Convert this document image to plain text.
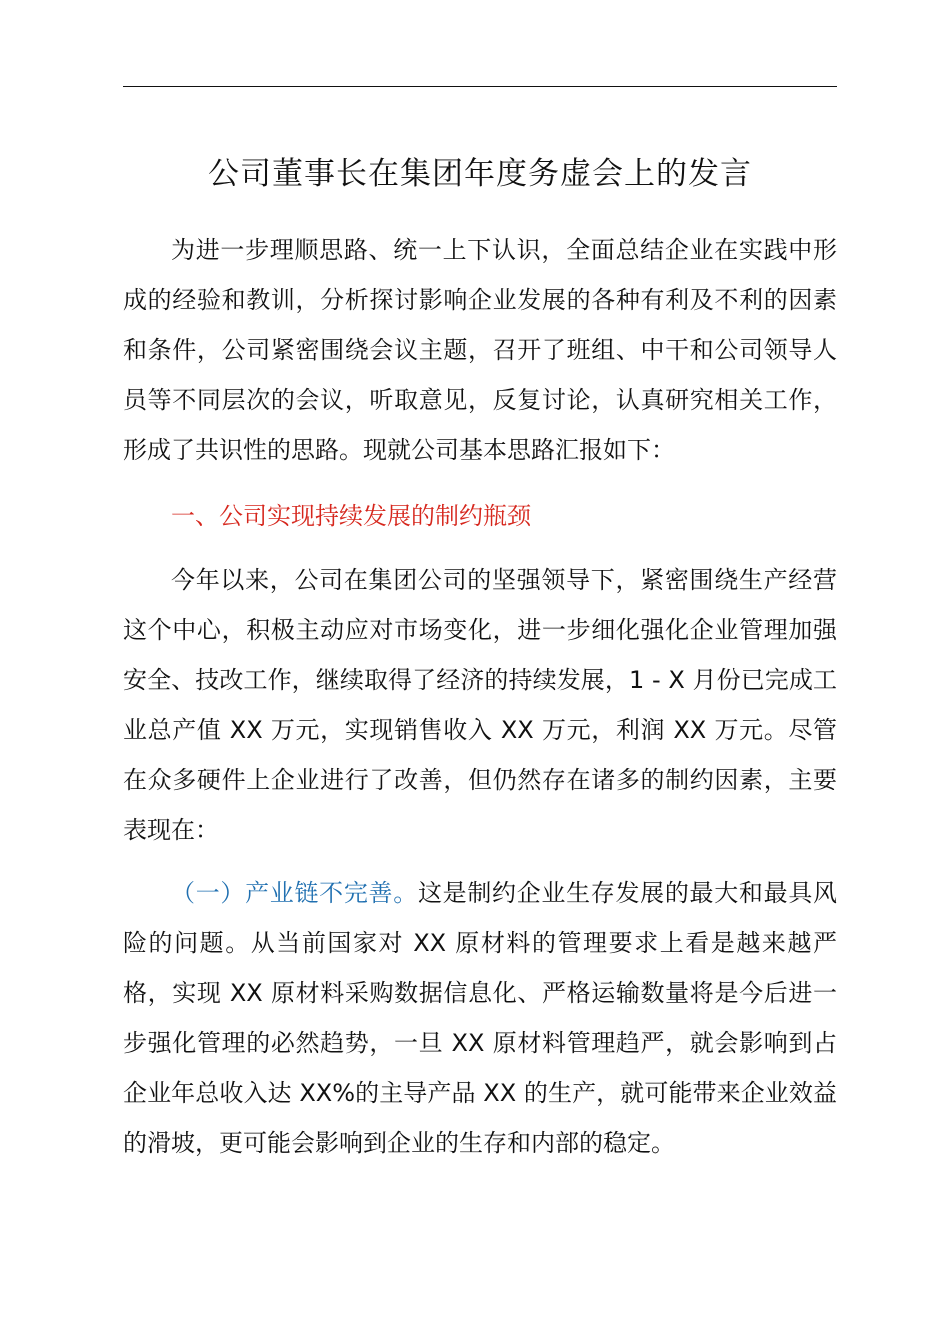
公司董事长在集团年度务虚会上的发言

为进一步理顺思路、统一上下认识，全面总结企业在实践中形成的经验和教训，分析探讨影响企业发展的各种有利及不利的因素和条件，公司紧密围绕会议主题，召开了班组、中干和公司领导人员等不同层次的会议，听取意见，反复讨论，认真研究相关工作，形成了共识性的思路。现就公司基本思路汇报如下：

一、公司实现持续发展的制约瓶颈

今年以来，公司在集团公司的坚强领导下，紧密围绕生产经营这个中心，积极主动应对市场变化，进一步细化强化企业管理加强安全、技改工作，继续取得了经济的持续发展，1 - X 月份已完成工业总产值 XX 万元，实现销售收入 XX 万元，利润 XX 万元。尽管在众多硬件上企业进行了改善，但仍然存在诸多的制约因素，主要表现在：

（一）产业链不完善。这是制约企业生存发展的最大和最具风险的问题。从当前国家对 XX 原材料的管理要求上看是越来越严格，实现 XX 原材料采购数据信息化、严格运输数量将是今后进一步强化管理的必然趋势，一旦 XX 原材料管理趋严，就会影响到占企业年总收入达 XX%的主导产品 XX 的生产，就可能带来企业效益的滑坡，更可能会影响到企业的生存和内部的稳定。
